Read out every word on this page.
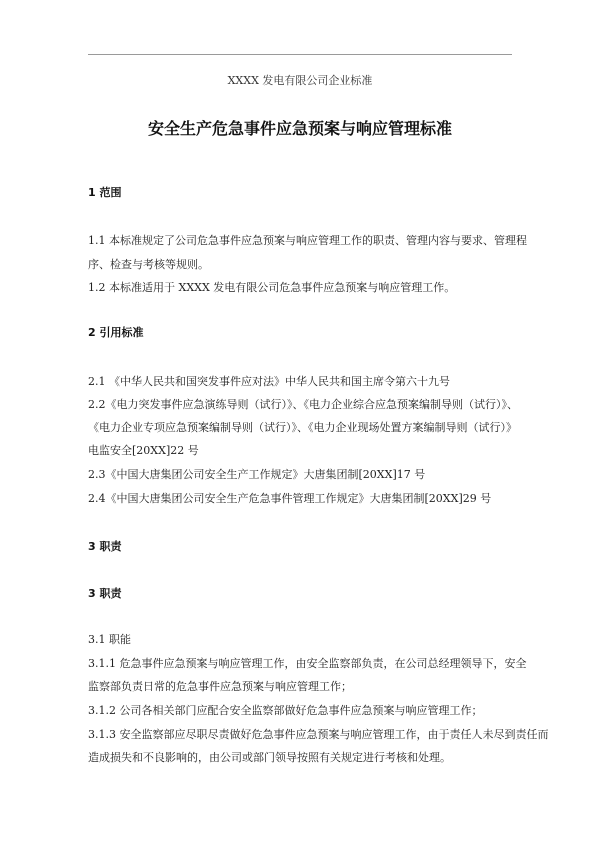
XXXX 发电有限公司企业标准
安全生产危急事件应急预案与响应管理标准
1 范围
1.1 本标准规定了公司危急事件应急预案与响应管理工作的职责、管理内容与要求、管理程
序、检查与考核等规则。
1.2 本标准适用于 XXXX 发电有限公司危急事件应急预案与响应管理工作。
2 引用标准
2.1 《中华人民共和国突发事件应对法》中华人民共和国主席令第六十九号
2.2《电力突发事件应急演练导则（试行）》、《电力企业综合应急预案编制导则（试行）》、
《电力企业专项应急预案编制导则（试行）》、《电力企业现场处置方案编制导则（试行）》
电监安全[20XX]22 号
2.3《中国大唐集团公司安全生产工作规定》大唐集团制[20XX]17 号
2.4《中国大唐集团公司安全生产危急事件管理工作规定》大唐集团制[20XX]29 号
3 职责
3 职责
3.1 职能
3.1.1 危急事件应急预案与响应管理工作，由安全监察部负责，在公司总经理领导下，安全
监察部负责日常的危急事件应急预案与响应管理工作；
3.1.2 公司各相关部门应配合安全监察部做好危急事件应急预案与响应管理工作；
3.1.3 安全监察部应尽职尽责做好危急事件应急预案与响应管理工作，由于责任人未尽到责任而
造成损失和不良影响的，由公司或部门领导按照有关规定进行考核和处理。
